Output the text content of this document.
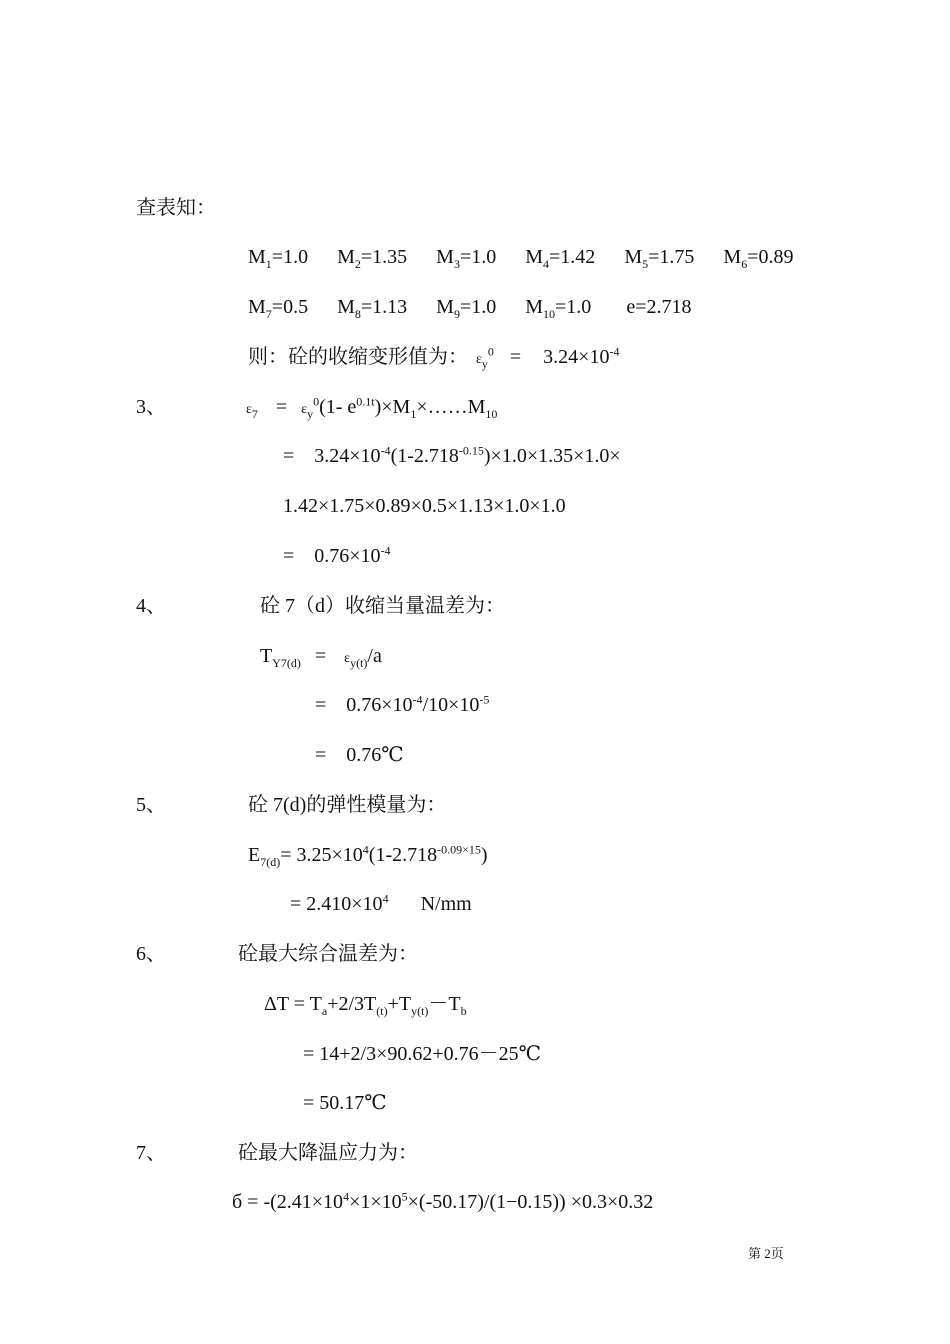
查表知：
$M_1=1.0$ $M_2=1.35$ $M_3=1.0$ $M_4=1.42$ $M_5=1.75$ $M_6=0.89$
$M_7=0.5$ $M_8=1.13$ $M_9=1.0$ $M_{10}=1.0$ e=2.718
则：砼的收缩变形值为： $\varepsilon_y^0 = 3.24\times 10^{-4}$
3、	$\varepsilon_7 = \varepsilon_y^0(1-$ $e^{0.1t})\times M_1\times\dots\dots M_{10}$
= $3.24\times 10^{-4}(1-2.718^{-0.15})\times 1.0\times 1.35\times 1.0\times$
1.42×1.75×0.89×0.5×1.13×1.0×1.0
= $0.76\times 10^{-4}$
4、	砼 7（d）收缩当量温差为：
$T_{Y7(d)} = \varepsilon_{y(t)}/a$
= $0.76\times 10^{-4}/10\times 10^{-5}$
= 0.76℃
5、	砼 7(d)的弹性模量为：
$E_{7(d)}= 3.25\times 10^4(1-2.718^{-0.09\times 15})$
= $2.410\times 10^4$ N/mm
6、	砼最大综合温差为：
$\Delta T = T_a+2/3T_{(t)}+T_{y(t)}-T_b$
= 14+2/3×90.62+0.76－25℃
= 50.17℃
7、	砼最大降温应力为：
$б = -(2.41\times 10^4\times 1\times 10^5\times(-50.17)/(1-0.15)) \times 0.3\times 0.32$
第 2页
